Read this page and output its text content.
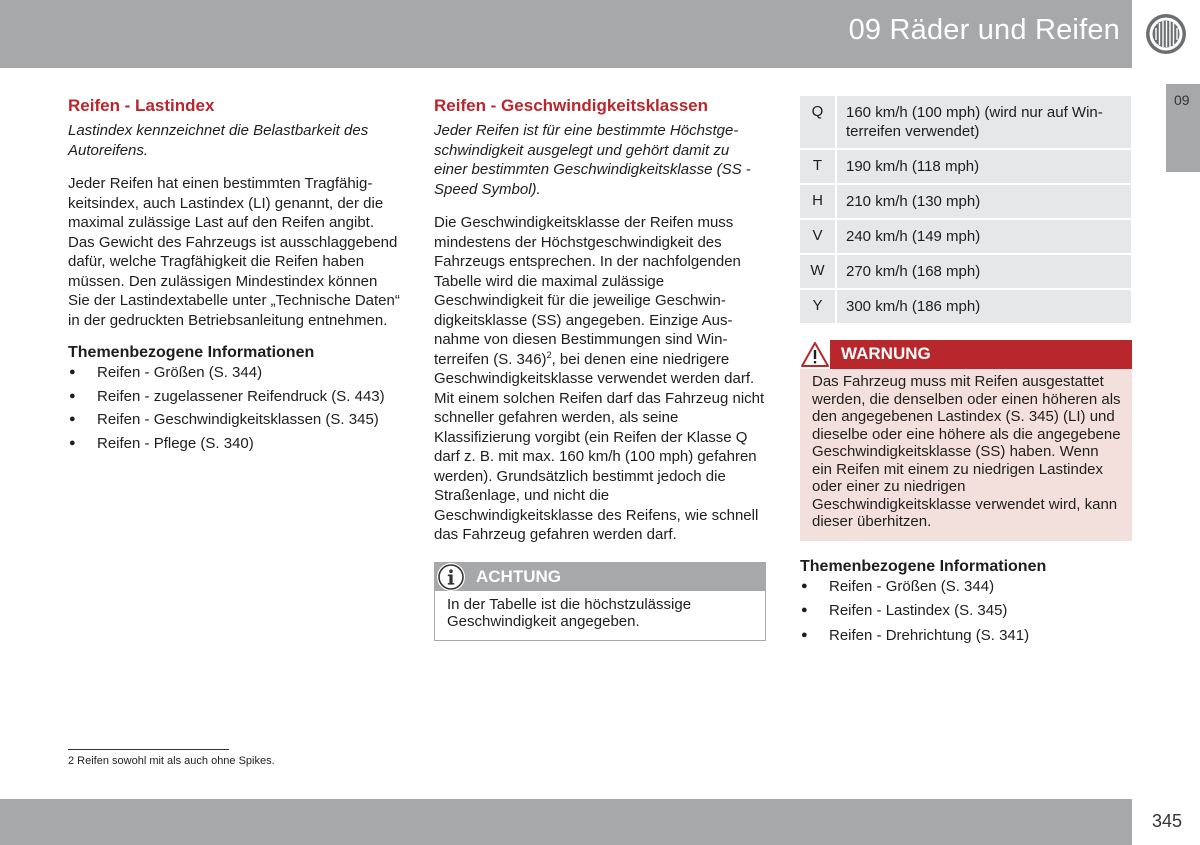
09 Räder und Reifen
09
Reifen - Lastindex

Lastindex kennzeichnet die Belastbarkeit des Autoreifens.

Jeder Reifen hat einen bestimmten Tragfähigkeitsindex, auch Lastindex (LI) genannt, der die maximal zulässige Last auf den Reifen angibt. Das Gewicht des Fahrzeugs ist ausschlaggebend dafür, welche Tragfähigkeit die Reifen haben müssen. Den zulässigen Mindestindex können Sie der Lastindextabelle unter „Technische Daten“ in der gedruckten Betriebsanleitung entnehmen.

Themenbezogene Informationen
● Reifen - Größen (S. 344)
● Reifen - zugelassener Reifendruck (S. 443)
● Reifen - Geschwindigkeitsklassen (S. 345)
● Reifen - Pflege (S. 340)
Reifen - Geschwindigkeitsklassen

Jeder Reifen ist für eine bestimmte Höchstgeschwindigkeit ausgelegt und gehört damit zu einer bestimmten Geschwindigkeitsklasse (SS - Speed Symbol).

Die Geschwindigkeitsklasse der Reifen muss mindestens der Höchstgeschwindigkeit des Fahrzeugs entsprechen. In der nachfolgenden Tabelle wird die maximal zulässige Geschwindigkeit für die jeweilige Geschwindigkeitsklasse (SS) angegeben. Einzige Ausnahme von diesen Bestimmungen sind Winterreifen (S. 346)$^2$, bei denen eine niedrigere Geschwindigkeitsklasse verwendet werden darf. Mit einem solchen Reifen darf das Fahrzeug nicht schneller gefahren werden, als seine Klassifizierung vorgibt (ein Reifen der Klasse Q darf z. B. mit max. 160 km/h (100 mph) gefahren werden). Grundsätzlich bestimmt jedoch die Straßenlage, und nicht die Geschwindigkeitsklasse des Reifens, wie schnell das Fahrzeug gefahren werden darf.

ACHTUNG
In der Tabelle ist die höchstzulässige Geschwindigkeit angegeben.
Q	160 km/h (100 mph) (wird nur auf Winterreifen verwendet)
T	190 km/h (118 mph)
H	210 km/h (130 mph)
V	240 km/h (149 mph)
W	270 km/h (168 mph)
Y	300 km/h (186 mph)
WARNUNG
Das Fahrzeug muss mit Reifen ausgestattet werden, die denselben oder einen höheren als den angegebenen Lastindex (S. 345) (LI) und dieselbe oder eine höhere als die angegebene Geschwindigkeitsklasse (SS) haben. Wenn ein Reifen mit einem zu niedrigen Lastindex oder einer zu niedrigen Geschwindigkeitsklasse verwendet wird, kann dieser überhitzen.
Themenbezogene Informationen
● Reifen - Größen (S. 344)
● Reifen - Lastindex (S. 345)
● Reifen - Drehrichtung (S. 341)
2 Reifen sowohl mit als auch ohne Spikes.
345
